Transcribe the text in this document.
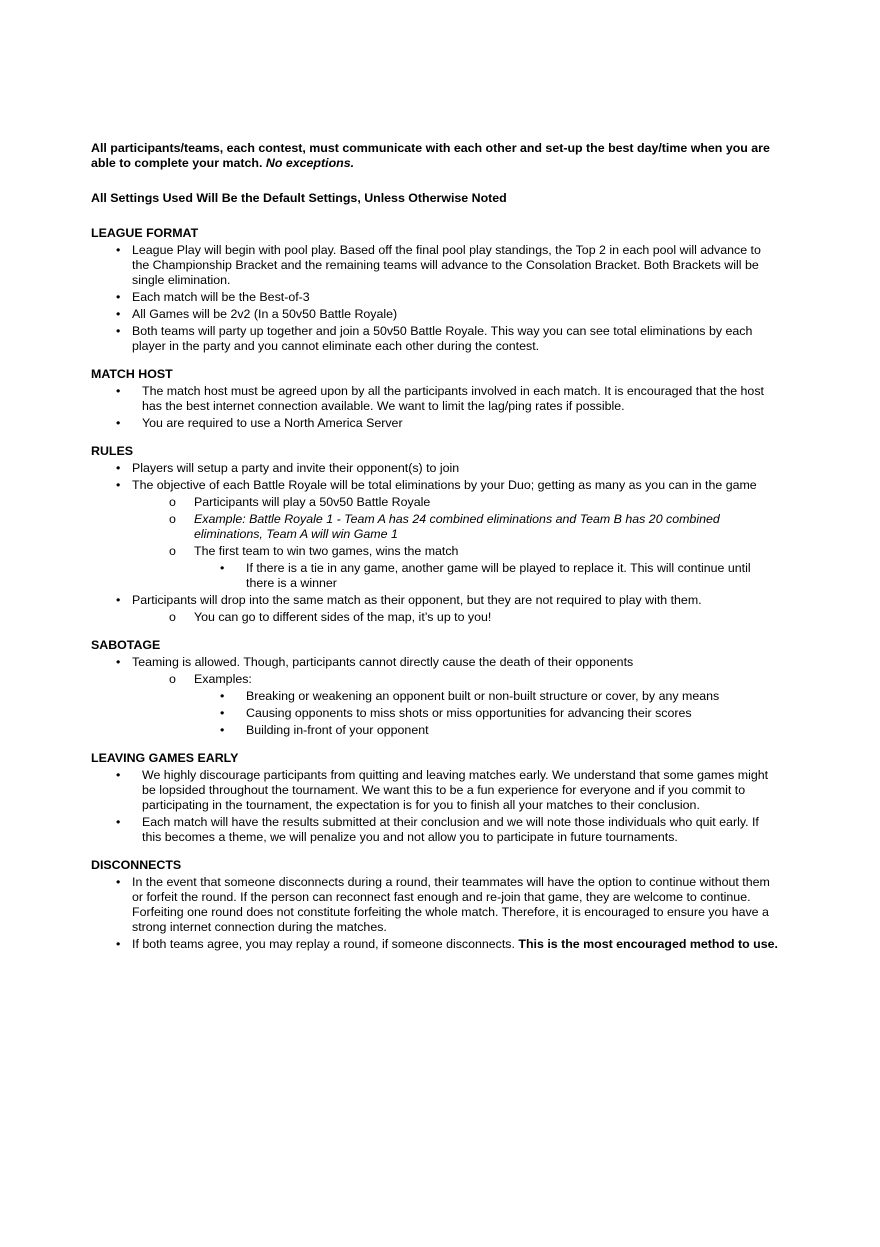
All participants/teams, each contest, must communicate with each other and set-up the best day/time when you are able to complete your match. No exceptions.

All Settings Used Will Be the Default Settings, Unless Otherwise Noted

LEAGUE FORMAT

•
League Play will begin with pool play. Based off the final pool play standings, the Top 2 in each pool will advance to the Championship Bracket and the remaining teams will advance to the Consolation Bracket. Both Brackets will be single elimination.
•
Each match will be the Best-of-3
•
All Games will be 2v2 (In a 50v50 Battle Royale)
•
Both teams will party up together and join a 50v50 Battle Royale. This way you can see total eliminations by each player in the party and you cannot eliminate each other during the contest.

MATCH HOST

•
The match host must be agreed upon by all the participants involved in each match. It is encouraged that the host has the best internet connection available. We want to limit the lag/ping rates if possible.
•
You are required to use a North America Server

RULES

•
Players will setup a party and invite their opponent(s) to join
•
The objective of each Battle Royale will be total eliminations by your Duo; getting as many as you can in the game
o
Participants will play a 50v50 Battle Royale
o
Example: Battle Royale 1 - Team A has 24 combined eliminations and Team B has 20 combined eliminations, Team A will win Game 1
o
The first team to win two games, wins the match
•
If there is a tie in any game, another game will be played to replace it. This will continue until there is a winner
•
Participants will drop into the same match as their opponent, but they are not required to play with them.
o
You can go to different sides of the map, it’s up to you!

SABOTAGE

•
Teaming is allowed. Though, participants cannot directly cause the death of their opponents
o
Examples:
•
Breaking or weakening an opponent built or non-built structure or cover, by any means
•
Causing opponents to miss shots or miss opportunities for advancing their scores
•
Building in-front of your opponent

LEAVING GAMES EARLY

•
We highly discourage participants from quitting and leaving matches early. We understand that some games might be lopsided throughout the tournament. We want this to be a fun experience for everyone and if you commit to participating in the tournament, the expectation is for you to finish all your matches to their conclusion.
•
Each match will have the results submitted at their conclusion and we will note those individuals who quit early. If this becomes a theme, we will penalize you and not allow you to participate in future tournaments.

DISCONNECTS

•
In the event that someone disconnects during a round, their teammates will have the option to continue without them or forfeit the round. If the person can reconnect fast enough and re-join that game, they are welcome to continue. Forfeiting one round does not constitute forfeiting the whole match. Therefore, it is encouraged to ensure you have a strong internet connection during the matches.
•
If both teams agree, you may replay a round, if someone disconnects. This is the most encouraged method to use.
